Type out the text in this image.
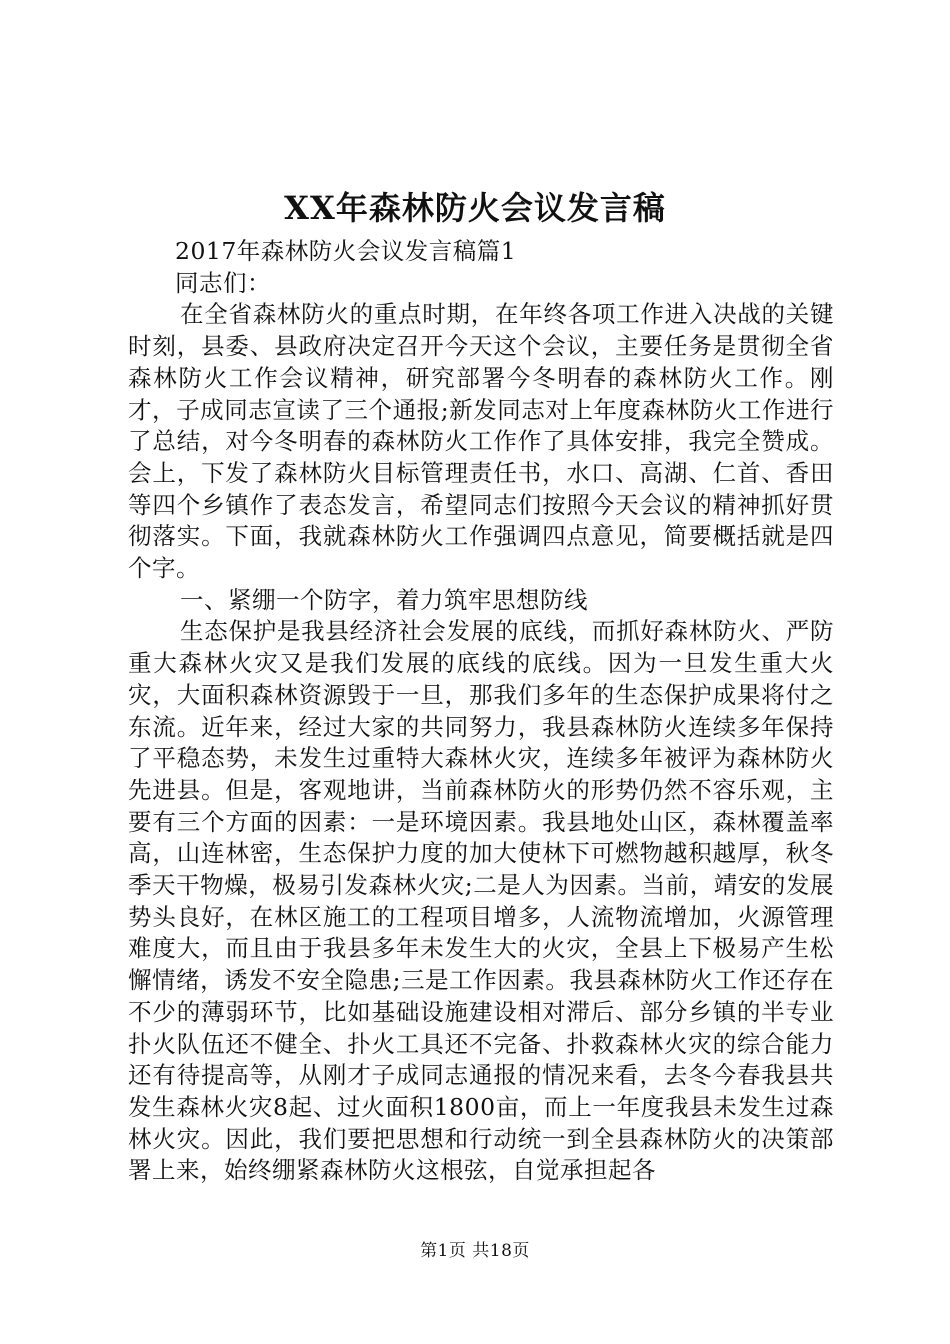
XX年森林防火会议发言稿

2017年森林防火会议发言稿篇1

同志们：

在全省森林防火的重点时期，在年终各项工作进入决战的关键时刻，县委、县政府决定召开今天这个会议，主要任务是贯彻全省森林防火工作会议精神，研究部署今冬明春的森林防火工作。刚才，子成同志宣读了三个通报;新发同志对上年度森林防火工作进行了总结，对今冬明春的森林防火工作作了具体安排，我完全赞成。会上，下发了森林防火目标管理责任书，水口、高湖、仁首、香田等四个乡镇作了表态发言，希望同志们按照今天会议的精神抓好贯彻落实。下面，我就森林防火工作强调四点意见，简要概括就是四个字。

一、紧绷一个防字，着力筑牢思想防线

生态保护是我县经济社会发展的底线，而抓好森林防火、严防重大森林火灾又是我们发展的底线的底线。因为一旦发生重大火灾，大面积森林资源毁于一旦，那我们多年的生态保护成果将付之东流。近年来，经过大家的共同努力，我县森林防火连续多年保持了平稳态势，未发生过重特大森林火灾，连续多年被评为森林防火先进县。但是，客观地讲，当前森林防火的形势仍然不容乐观，主要有三个方面的因素：一是环境因素。我县地处山区，森林覆盖率高，山连林密，生态保护力度的加大使林下可燃物越积越厚，秋冬季天干物燥，极易引发森林火灾;二是人为因素。当前，靖安的发展势头良好，在林区施工的工程项目增多，人流物流增加，火源管理难度大，而且由于我县多年未发生大的火灾，全县上下极易产生松懈情绪，诱发不安全隐患;三是工作因素。我县森林防火工作还存在不少的薄弱环节，比如基础设施建设相对滞后、部分乡镇的半专业扑火队伍还不健全、扑火工具还不完备、扑救森林火灾的综合能力还有待提高等，从刚才子成同志通报的情况来看，去冬今春我县共发生森林火灾8起、过火面积1800亩，而上一年度我县未发生过森林火灾。因此，我们要把思想和行动统一到全县森林防火的决策部署上来，始终绷紧森林防火这根弦，自觉承担起各

第1页 共18页
